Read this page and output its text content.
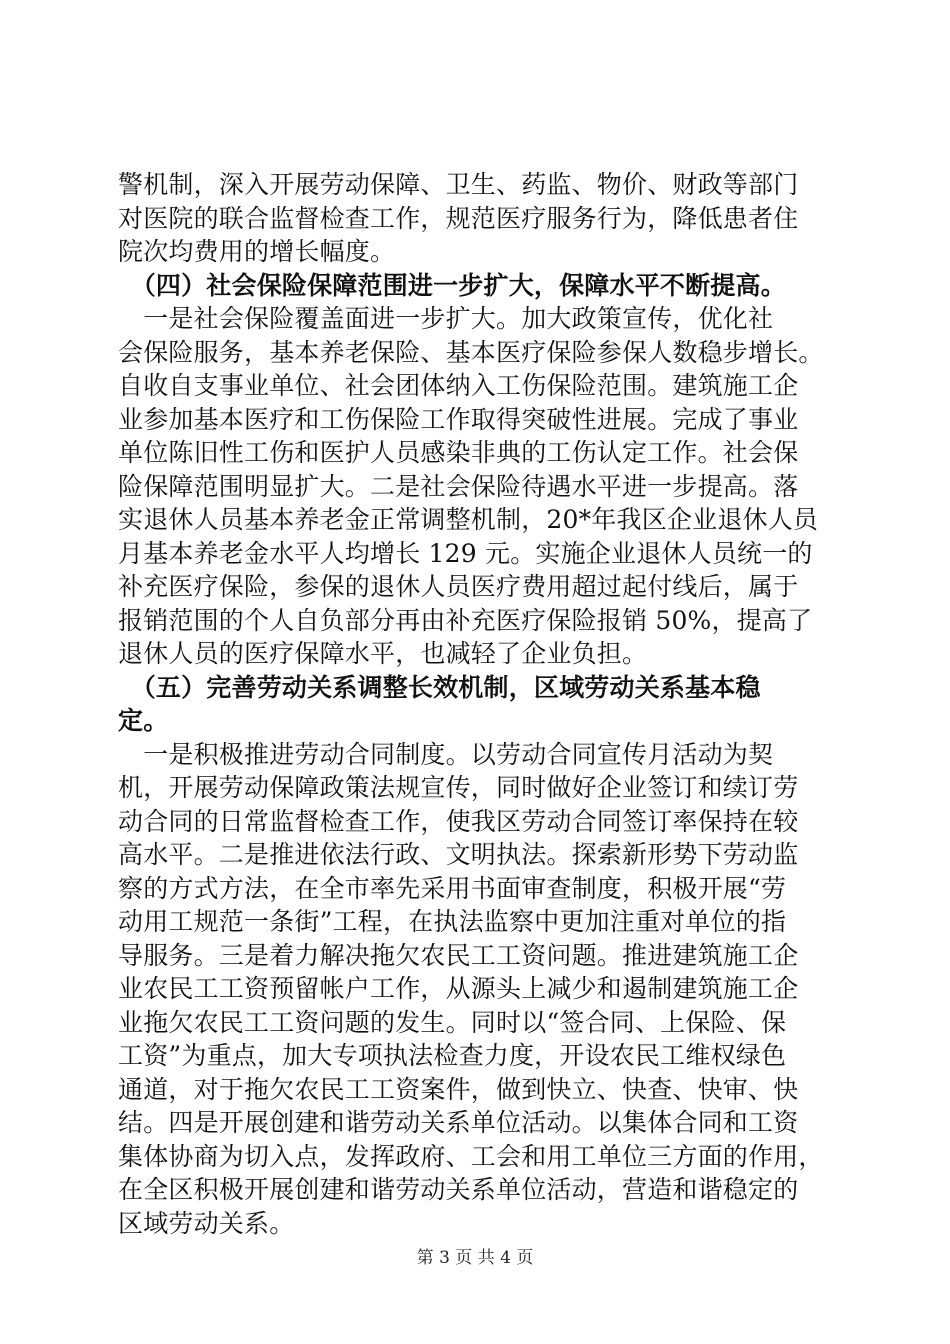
警机制，深入开展劳动保障、卫生、药监、物价、财政等部门
对医院的联合监督检查工作，规范医疗服务行为，降低患者住
院次均费用的增长幅度。
　（四）社会保险保障范围进一步扩大，保障水平不断提高。
　一是社会保险覆盖面进一步扩大。加大政策宣传，优化社
会保险服务，基本养老保险、基本医疗保险参保人数稳步增长。
自收自支事业单位、社会团体纳入工伤保险范围。建筑施工企
业参加基本医疗和工伤保险工作取得突破性进展。完成了事业
单位陈旧性工伤和医护人员感染非典的工伤认定工作。社会保
险保障范围明显扩大。二是社会保险待遇水平进一步提高。落
实退休人员基本养老金正常调整机制，20*年我区企业退休人员
月基本养老金水平人均增长 129 元。实施企业退休人员统一的
补充医疗保险，参保的退休人员医疗费用超过起付线后，属于
报销范围的个人自负部分再由补充医疗保险报销 50%，提高了
退休人员的医疗保障水平，也减轻了企业负担。
　（五）完善劳动关系调整长效机制，区域劳动关系基本稳
定。
　一是积极推进劳动合同制度。以劳动合同宣传月活动为契
机，开展劳动保障政策法规宣传，同时做好企业签订和续订劳
动合同的日常监督检查工作，使我区劳动合同签订率保持在较
高水平。二是推进依法行政、文明执法。探索新形势下劳动监
察的方式方法，在全市率先采用书面审查制度，积极开展“劳
动用工规范一条街”工程，在执法监察中更加注重对单位的指
导服务。三是着力解决拖欠农民工工资问题。推进建筑施工企
业农民工工资预留帐户工作，从源头上减少和遏制建筑施工企
业拖欠农民工工资问题的发生。同时以“签合同、上保险、保
工资”为重点，加大专项执法检查力度，开设农民工维权绿色
通道，对于拖欠农民工工资案件，做到快立、快查、快审、快
结。四是开展创建和谐劳动关系单位活动。以集体合同和工资
集体协商为切入点，发挥政府、工会和用工单位三方面的作用，
在全区积极开展创建和谐劳动关系单位活动，营造和谐稳定的
区域劳动关系。
第 3 页 共 4 页
